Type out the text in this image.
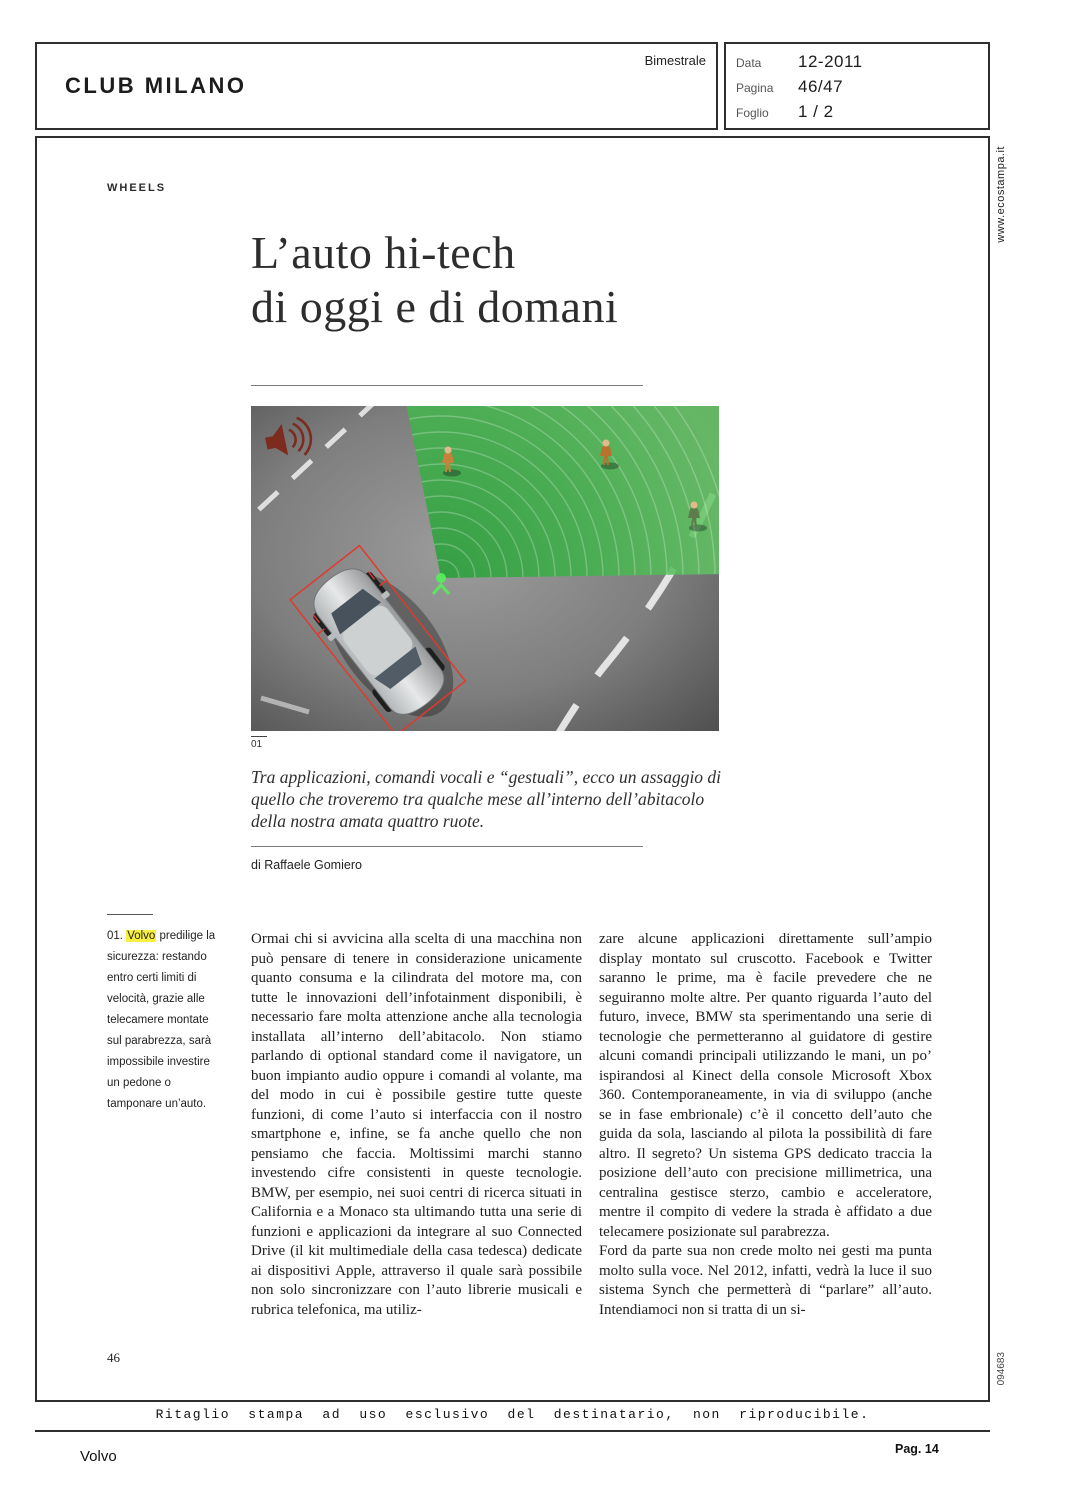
CLUB MILANO
Bimestrale	Data	12-2011
Pagina	46/47
Foglio	1 / 2
www.ecostampa.it
094683
WHEELS
L’auto hi-tech
di oggi e di domani
01
Tra applicazioni, comandi vocali e “gestuali”, ecco un assaggio di quello che troveremo tra qualche mese all’interno dell’abitacolo della nostra amata quattro ruote.
di Raffaele Gomiero
01. Volvo predilige la sicurezza: restando entro certi limiti di velocità, grazie alle telecamere montate sul parabrezza, sarà impossibile investire un pedone o tamponare un’auto.
Ormai chi si avvicina alla scelta di una macchina non può pensare di tenere in considerazione unicamente quanto consuma e la cilindrata del motore ma, con tutte le innovazioni dell’infotainment disponibili, è necessario fare molta attenzione anche alla tecnologia installata all’interno dell’abitacolo. Non stiamo parlando di optional standard come il navigatore, un buon impianto audio oppure i comandi al volante, ma del modo in cui è possibile gestire tutte queste funzioni, di come l’auto si interfaccia con il nostro smartphone e, infine, se fa anche quello che non pensiamo che faccia. Moltissimi marchi stanno investendo cifre consistenti in queste tecnologie. BMW, per esempio, nei suoi centri di ricerca situati in California e a Monaco sta ultimando tutta una serie di funzioni e applicazioni da integrare al suo Connected Drive (il kit multimediale della casa tedesca) dedicate ai dispositivi Apple, attraverso il quale sarà possibile non solo sincronizzare con l’auto librerie musicali e rubrica telefonica, ma utiliz-
zare alcune applicazioni direttamente sull’ampio display montato sul cruscotto. Facebook e Twitter saranno le prime, ma è facile prevedere che ne seguiranno molte altre. Per quanto riguarda l’auto del futuro, invece, BMW sta sperimentando una serie di tecnologie che permetteranno al guidatore di gestire alcuni comandi principali utilizzando le mani, un po’ ispirandosi al Kinect della console Microsoft Xbox 360. Contemporaneamente, in via di sviluppo (anche se in fase embrionale) c’è il concetto dell’auto che guida da sola, lasciando al pilota la possibilità di fare altro. Il segreto? Un sistema GPS dedicato traccia la posizione dell’auto con precisione millimetrica, una centralina gestisce sterzo, cambio e acceleratore, mentre il compito di vedere la strada è affidato a due telecamere posizionate sul parabrezza.
Ford da parte sua non crede molto nei gesti ma punta molto sulla voce. Nel 2012, infatti, vedrà la luce il suo sistema Synch che permetterà di “parlare” all’auto. Intendiamoci non si tratta di un si-
46
Ritaglio stampa ad uso esclusivo del destinatario, non riproducibile.
Volvo	Pag. 14
